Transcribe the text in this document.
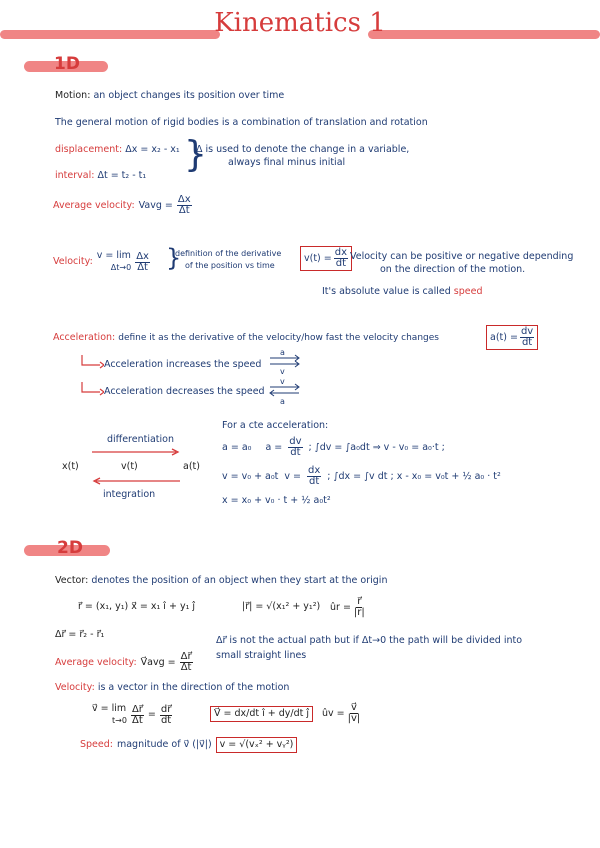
Kinematics 1
1D
Motion: an object changes its position over time
The general motion of rigid bodies is a combination of translation and rotation
displacement: Δx = x₂ - x₁
interval: Δt = t₂ - t₁
}
Δ is used to denote the change in a variable,
always final minus initial
Average velocity: Vavg = $\frac{\Delta x}{\Delta t}$
Velocity:
v = lim
$\Delta t\to 0 \frac{\Delta x}{\Delta t}$ }
definition of the derivative
of the position vs time
$v(t) = \frac{dx}{dt}$ Velocity can be positive or negative depending
on the direction of the motion.
It's absolute value is called speed
Acceleration: define it as the derivative of the velocity/how fast the velocity changes	$a(t) = \frac{dv}{dt}$
Acceleration increases the speed
a
v
Acceleration decreases the speed
v
a
differentiation
x(t)	v(t)	a(t)
integration
For a cte acceleration:
a = a₀ $a = \frac{dv}{dt}$ ; ∫dv = ∫a₀dt ⇒ v - v₀ = a₀·t ;
v = v₀ + a₀t $v = \frac{dx}{dt}$ ; ∫dx = ∫v dt ; x - x₀ = v₀t + ½ a₀ · t²
x = x₀ + v₀ · t + ½ a₀t²
2D
Vector: denotes the position of an object when they start at the origin
r⃗ = (x₁, y₁) x⃗ = x₁ î + y₁ ĵ	|r⃗| = √(x₁² + y₁²) ûr = $\frac{r⃗}{|r|}$
Δr⃗ = r⃗₂ - r⃗₁
Δr⃗ is not the actual path but if Δt→0 the path will be divided into
small straight lines
Average velocity: V⃗avg = $\frac{\Delta r⃗}{\Delta t}$
Velocity: is a vector in the direction of the motion
v⃗ = lim
$t\to 0 \frac{\Delta r⃗}{\Delta t} = \frac{dr⃗}{dt}$	V⃗ = dx/dt î + dy/dt ĵ	ûv = $\frac{v⃗}{|v|}$
Speed: magnitude of v⃗ (|v⃗|) v = √(vₓ² + vᵧ²)
